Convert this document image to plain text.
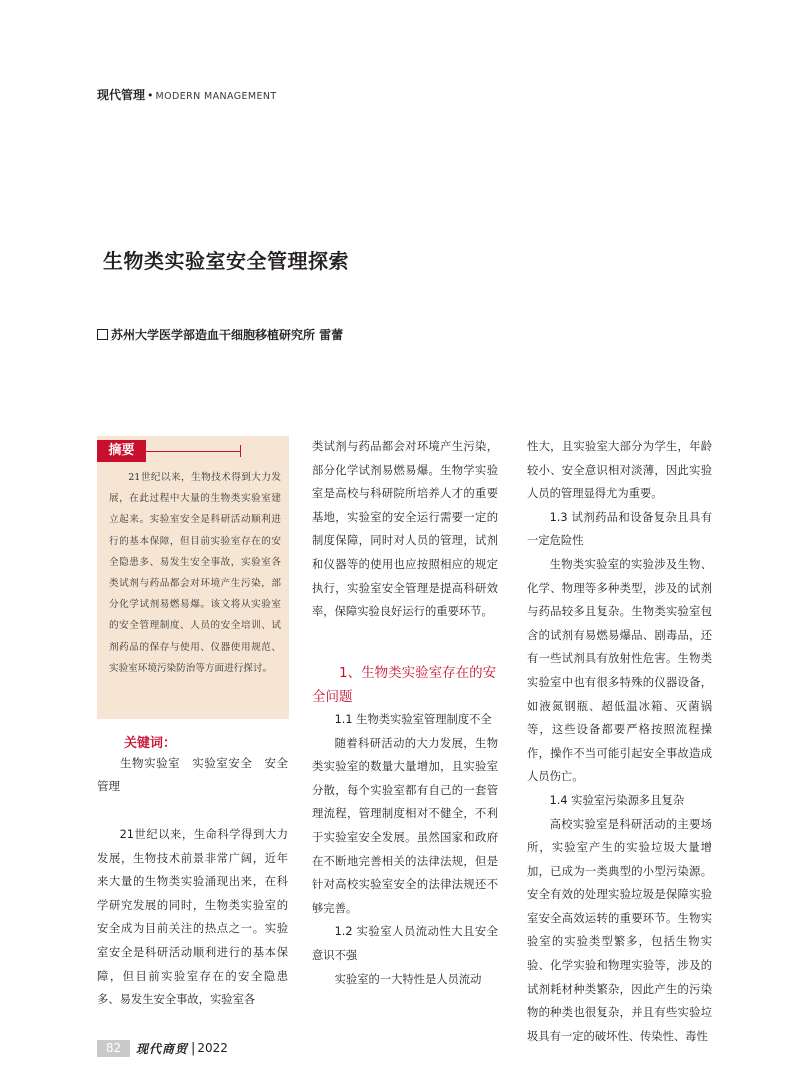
现代管理 • MODERN MANAGEMENT
生物类实验室安全管理探索
苏州大学医学部造血干细胞移植研究所 雷蕾
摘要
21世纪以来，生物技术得到大力发展，在此过程中大量的生物类实验室建立起来。实验室安全是科研活动顺利进行的基本保障，但目前实验室存在的安全隐患多、易发生安全事故，实验室各类试剂与药品都会对环境产生污染，部分化学试剂易燃易爆。该文将从实验室的安全管理制度、人员的安全培训、试剂药品的保存与使用、仪器使用规范、实验室环境污染防治等方面进行探讨。
关键词：
生物实验室　实验室安全　安全管理

21世纪以来，生命科学得到大力发展，生物技术前景非常广阔，近年来大量的生物类实验涌现出来，在科学研究发展的同时，生物类实验室的安全成为目前关注的热点之一。实验室安全是科研活动顺利进行的基本保障，但目前实验室存在的安全隐患多、易发生安全事故，实验室各

类试剂与药品都会对环境产生污染，部分化学试剂易燃易爆。生物学实验室是高校与科研院所培养人才的重要基地，实验室的安全运行需要一定的制度保障，同时对人员的管理，试剂和仪器等的使用也应按照相应的规定执行，实验室安全管理是提高科研效率，保障实验良好运行的重要环节。

1、生物类实验室存在的安全问题

1.1 生物类实验室管理制度不全

随着科研活动的大力发展，生物类实验室的数量大量增加，且实验室分散，每个实验室都有自己的一套管理流程，管理制度相对不健全，不利于实验室安全发展。虽然国家和政府在不断地完善相关的法律法规，但是针对高校实验室安全的法律法规还不够完善。

1.2 实验室人员流动性大且安全意识不强

实验室的一大特性是人员流动

性大，且实验室大部分为学生，年龄较小、安全意识相对淡薄，因此实验人员的管理显得尤为重要。

1.3 试剂药品和设备复杂且具有一定危险性

生物类实验室的实验涉及生物、化学、物理等多种类型，涉及的试剂与药品较多且复杂。生物类实验室包含的试剂有易燃易爆品、剧毒品，还有一些试剂具有放射性危害。生物类实验室中也有很多特殊的仪器设备，如液氮钢瓶、超低温冰箱、灭菌锅等，这些设备都要严格按照流程操作，操作不当可能引起安全事故造成人员伤亡。

1.4 实验室污染源多且复杂

高校实验室是科研活动的主要场所，实验室产生的实验垃圾大量增加，已成为一类典型的小型污染源。安全有效的处理实验垃圾是保障实验室安全高效运转的重要环节。生物实验室的实验类型繁多，包括生物实验、化学实验和物理实验等，涉及的试剂耗材种类繁杂，因此产生的污染物的种类也很复杂，并且有些实验垃圾具有一定的破坏性、传染性、毒性

82	现代商贸 | 2022
